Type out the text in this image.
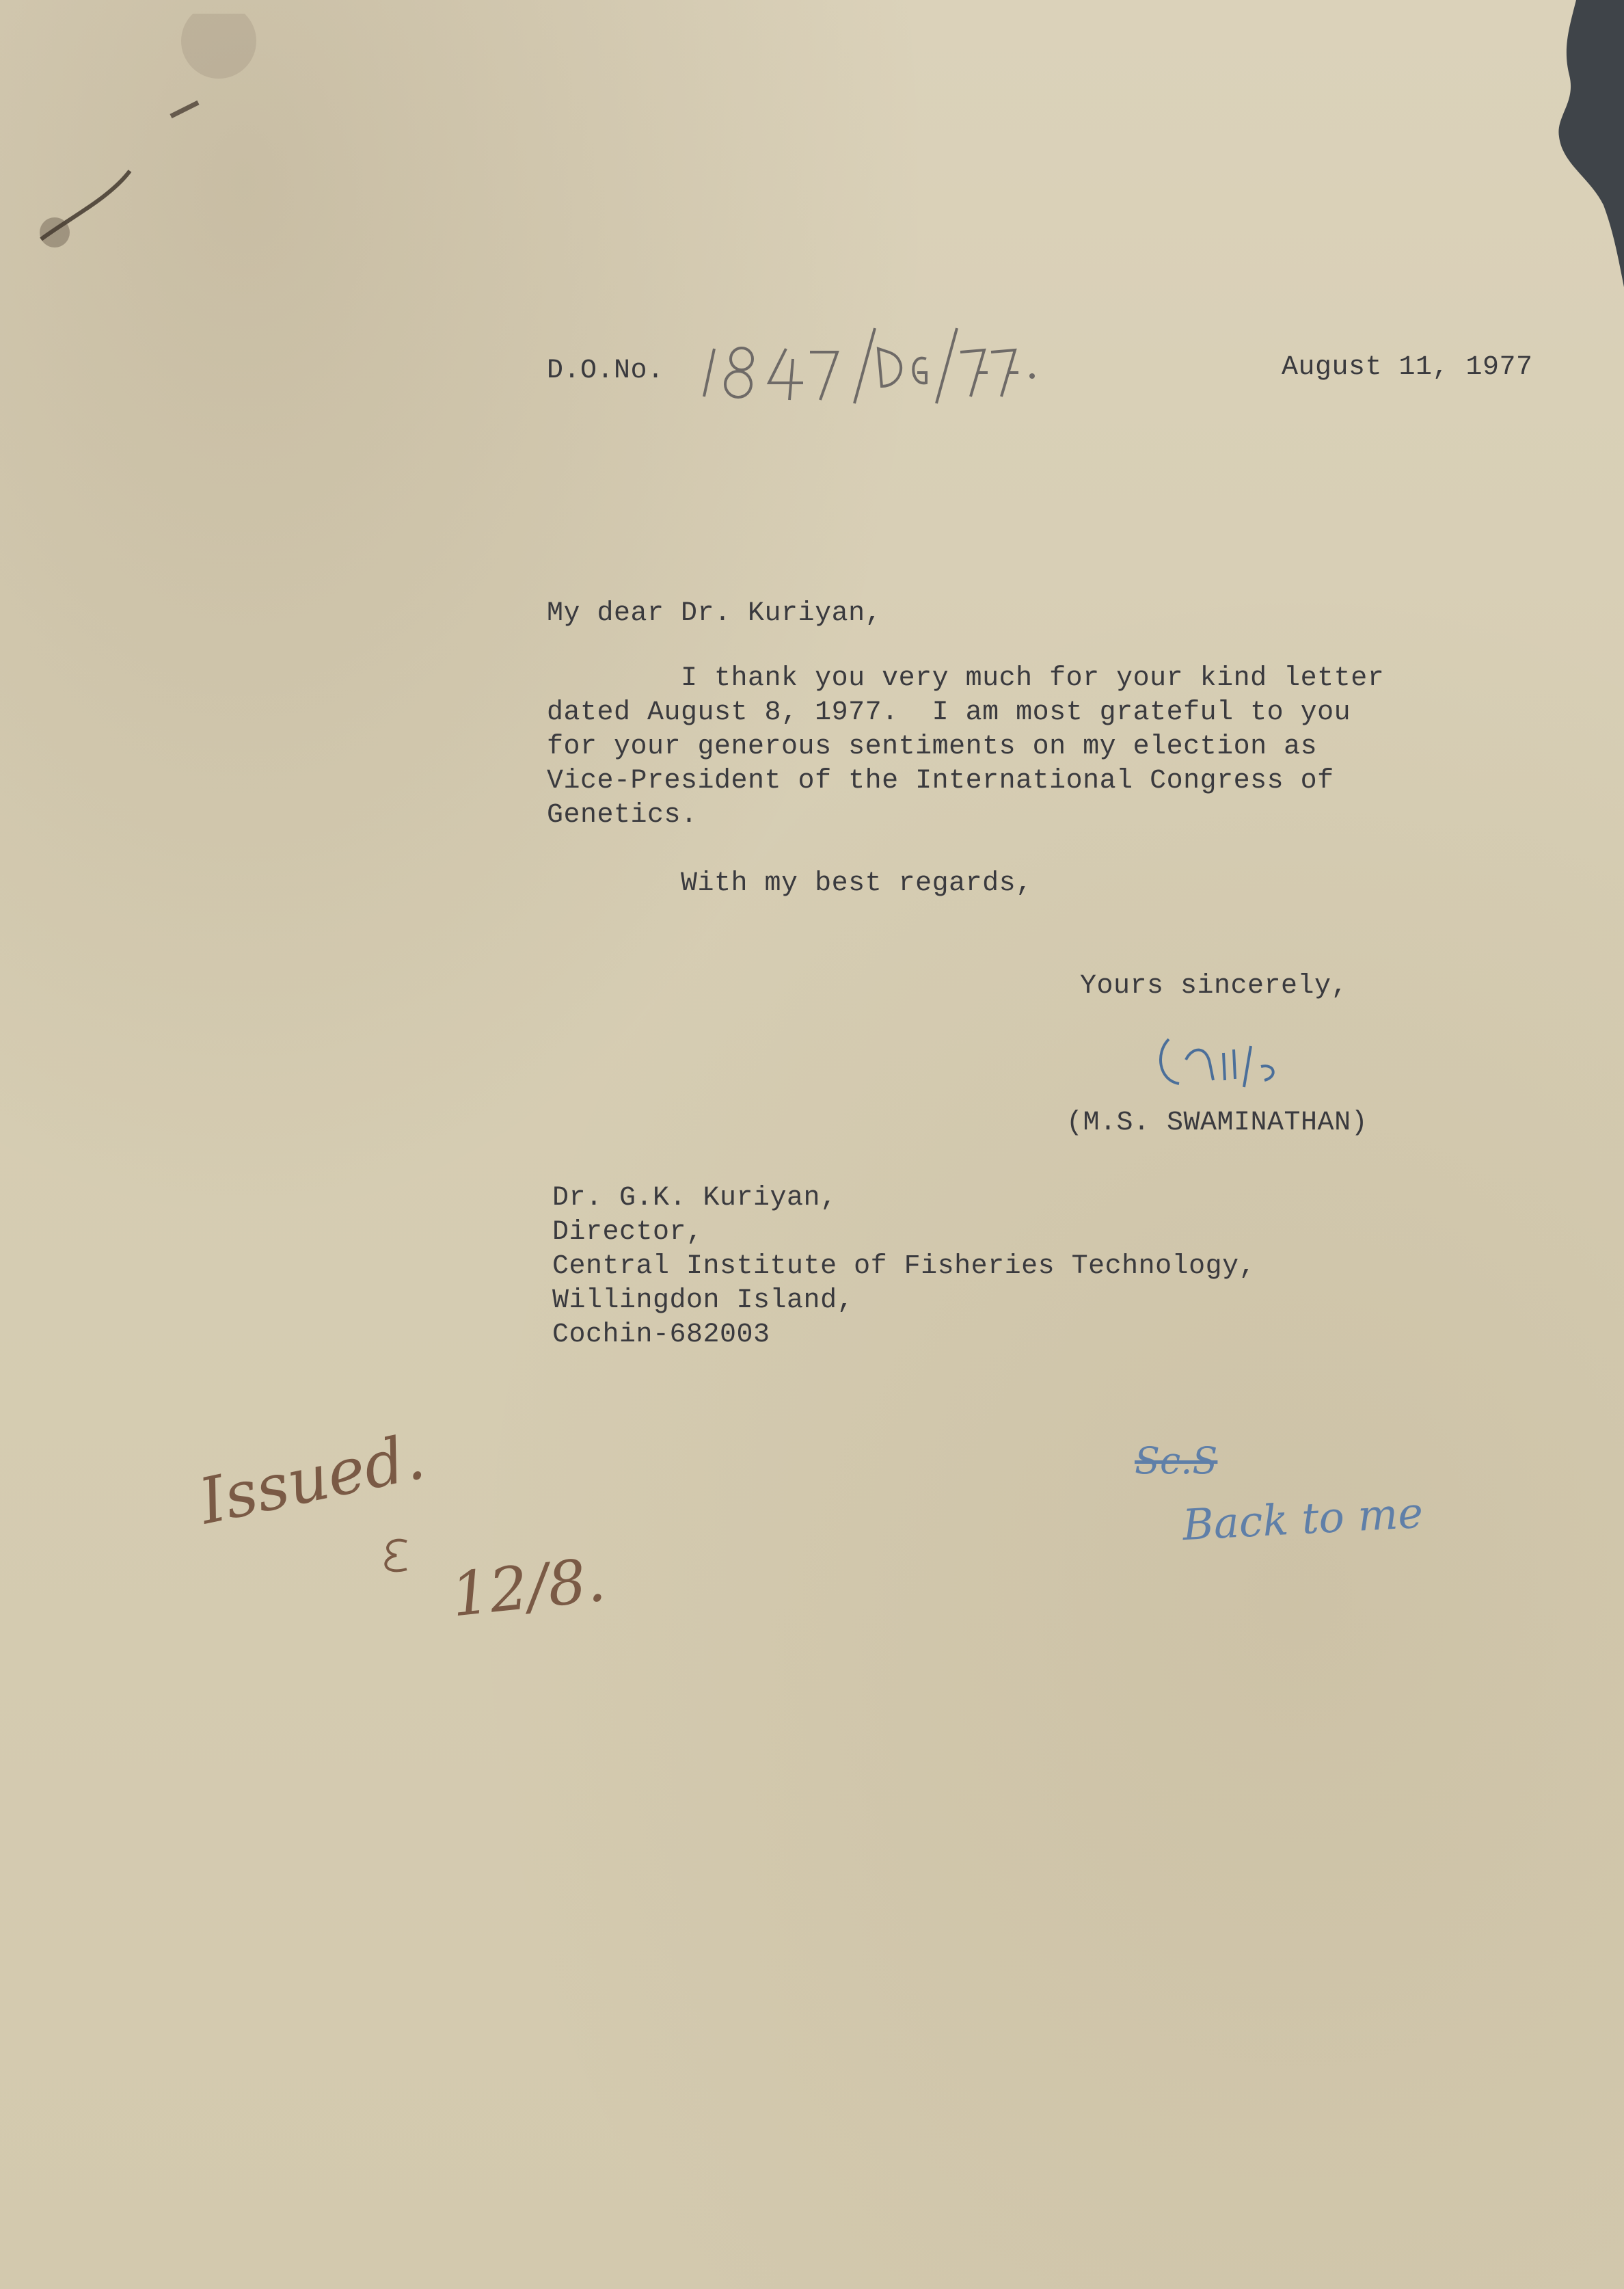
D.O.No.	August 11, 1977
My dear Dr. Kuriyan,
I thank you very much for your kind letter
dated August 8, 1977.  I am most grateful to you
for your generous sentiments on my election as
Vice-President of the International Congress of
Genetics.
With my best regards,
Yours sincerely,
(M.S. SWAMINATHAN)
Dr. G.K. Kuriyan,
Director,
Central Institute of Fisheries Technology,
Willingdon Island,
Cochin-682003
Issued.
12/8.
Sc.S
Back to me
